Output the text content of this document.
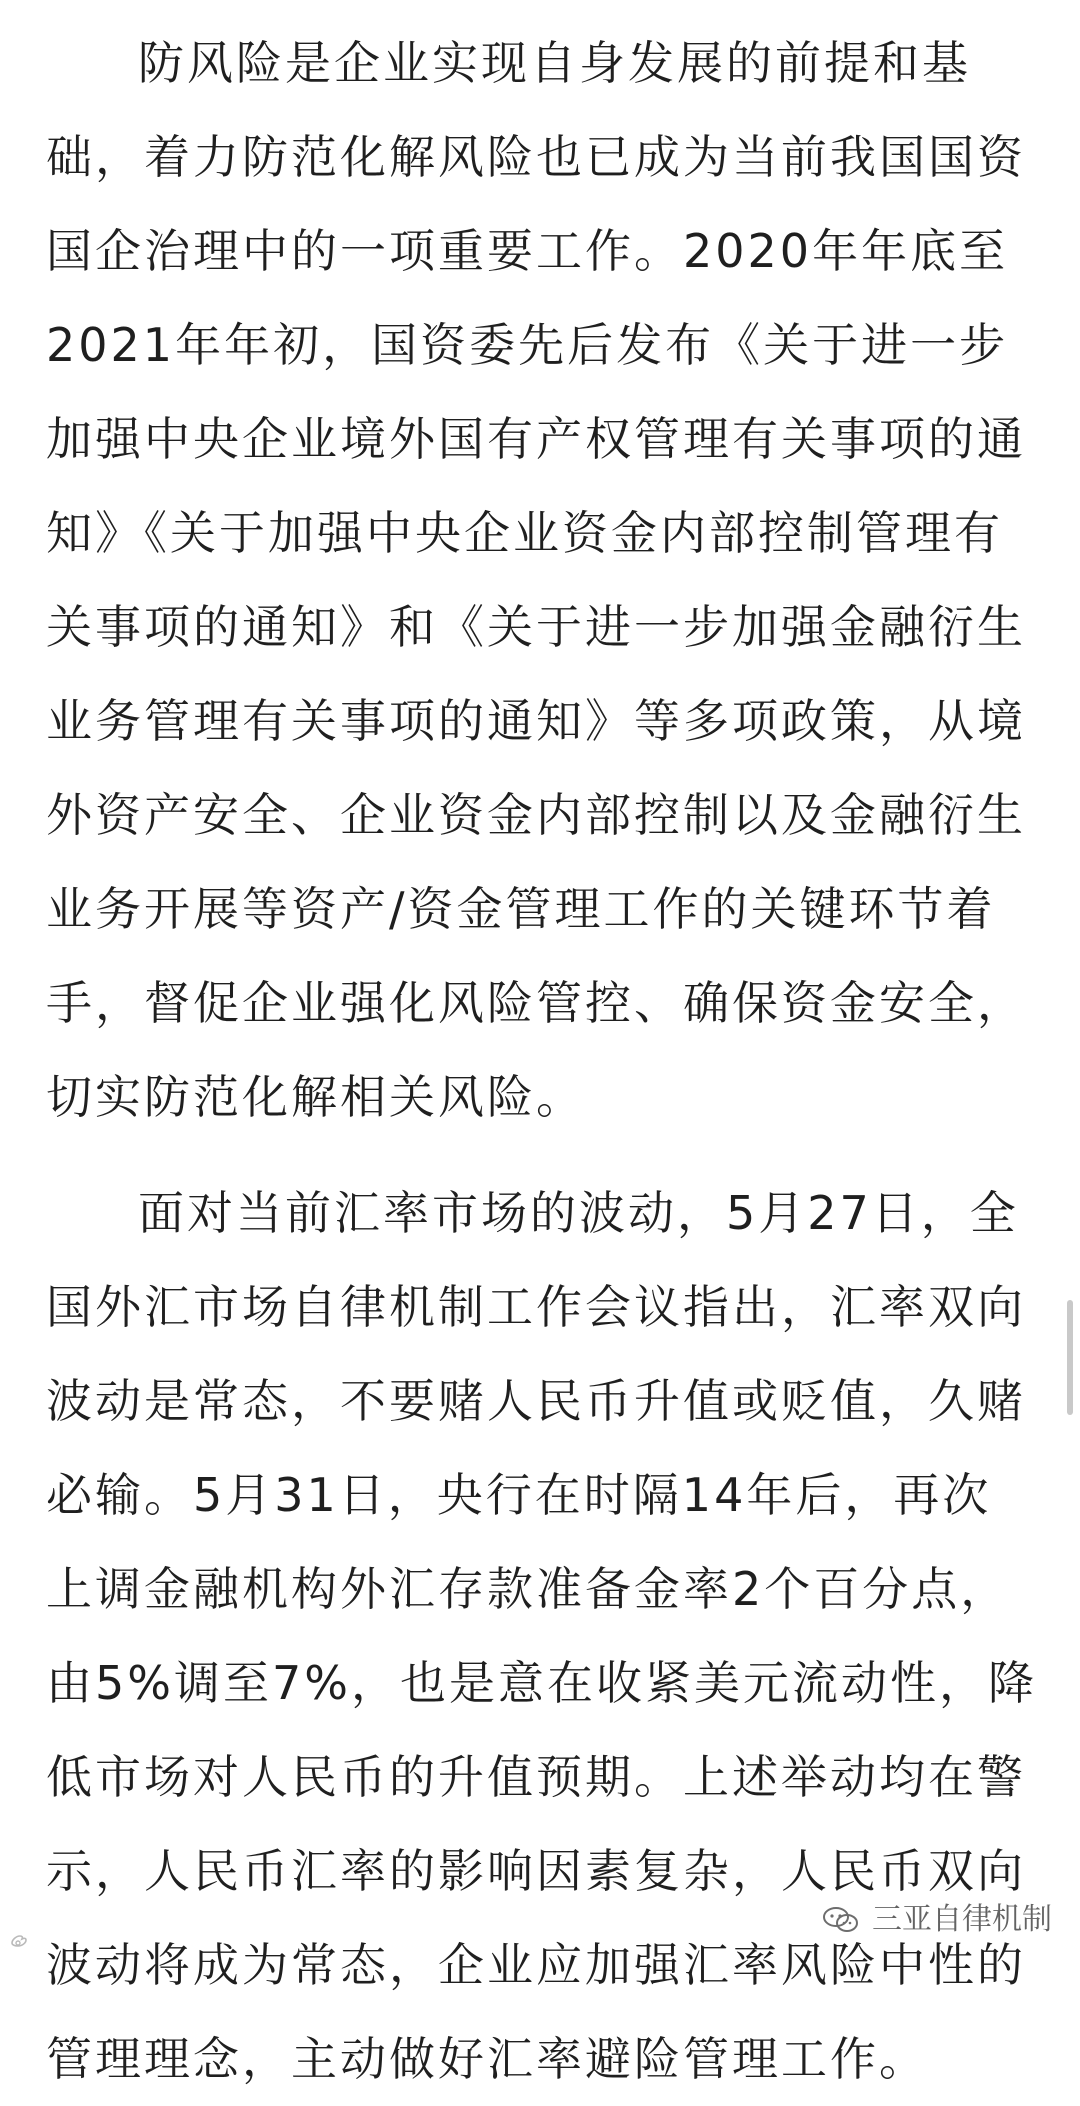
防风险是企业实现自身发展的前提和基础，着力防范化解风险也已成为当前我国国资国企治理中的一项重要工作。2020年年底至2021年年初，国资委先后发布《关于进一步加强中央企业境外国有产权管理有关事项的通知》《关于加强中央企业资金内部控制管理有关事项的通知》和《关于进一步加强金融衍生业务管理有关事项的通知》等多项政策，从境外资产安全、企业资金内部控制以及金融衍生业务开展等资产/资金管理工作的关键环节着手，督促企业强化风险管控、确保资金安全，切实防范化解相关风险。

面对当前汇率市场的波动，5月27日，全国外汇市场自律机制工作会议指出，汇率双向波动是常态，不要赌人民币升值或贬值，久赌必输。5月31日，央行在时隔14年后，再次上调金融机构外汇存款准备金率2个百分点，由5%调至7%，也是意在收紧美元流动性，降低市场对人民币的升值预期。上述举动均在警示，人民币汇率的影响因素复杂，人民币双向波动将成为常态，企业应加强汇率风险中性的管理理念，主动做好汇率避险管理工作。

三亚自律机制
